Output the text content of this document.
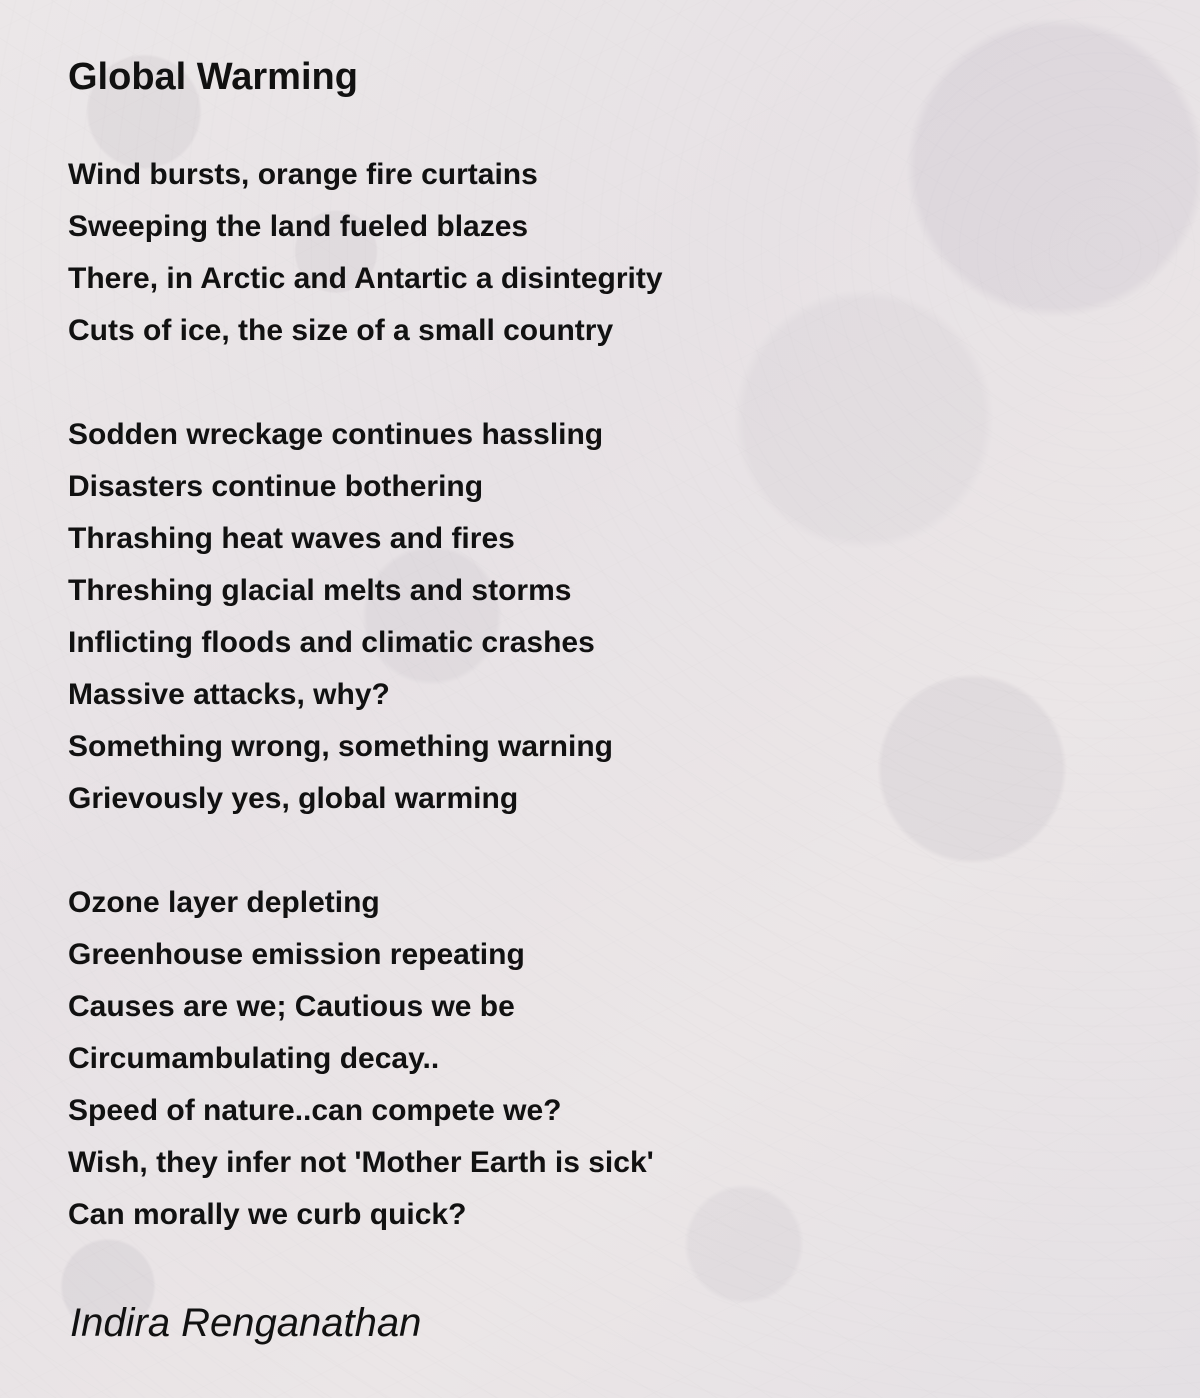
Global Warming
Wind bursts, orange fire curtains
Sweeping the land fueled blazes
There, in Arctic and Antartic a disintegrity
Cuts of ice, the size of a small country
Sodden wreckage continues hassling
Disasters continue bothering
Thrashing heat waves and fires
Threshing glacial melts and storms
Inflicting floods and climatic crashes
Massive attacks, why?
Something wrong, something warning
Grievously yes, global warming
Ozone layer depleting
Greenhouse emission repeating
Causes are we; Cautious we be
Circumambulating decay..
Speed of nature..can compete we?
Wish, they infer not 'Mother Earth is sick'
Can morally we curb quick?

Indira Renganathan
